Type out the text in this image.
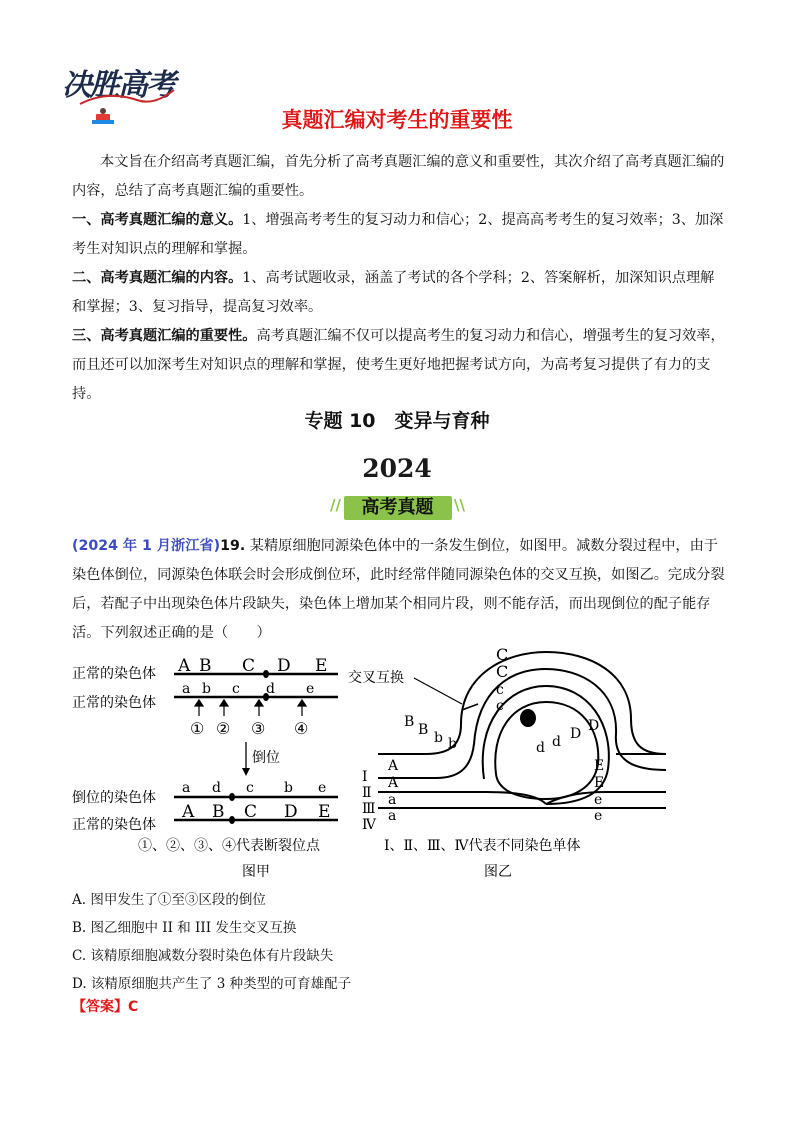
决胜高考
真题汇编对考生的重要性

本文旨在介绍高考真题汇编，首先分析了高考真题汇编的意义和重要性，其次介绍了高考真题汇编的内容，总结了高考真题汇编的重要性。

一、高考真题汇编的意义。1、增强高考考生的复习动力和信心；2、提高高考考生的复习效率；3、加深考生对知识点的理解和掌握。

二、高考真题汇编的内容。1、高考试题收录，涵盖了考试的各个学科；2、答案解析，加深知识点理解和掌握；3、复习指导，提高复习效率。

三、高考真题汇编的重要性。高考真题汇编不仅可以提高考生的复习动力和信心，增强考生的复习效率，而且还可以加深考生对知识点的理解和掌握，使考生更好地把握考试方向，为高考复习提供了有力的支持。

专题 10　变异与育种
2024
//	高考真题	\\

(2024 年 1 月浙江省)19. 某精原细胞同源染色体中的一条发生倒位，如图甲。减数分裂过程中，由于染色体倒位，同源染色体联会时会形成倒位环，此时经常伴随同源染色体的交叉互换，如图乙。完成分裂后，若配子中出现染色体片段缺失，染色体上增加某个相同片段，则不能存活，而出现倒位的配子能存活。下列叙述正确的是（　　）

正常的染色体
正常的染色体
A B C D E
a b c d e
① ② ③ ④
倒位
倒位的染色体
正常的染色体
a d c b e
A B C D E
①、②、③、④代表断裂位点
图甲
交叉互换
Ⅰ
Ⅱ
Ⅲ
Ⅳ
A
A
a
a
E
E
e
e
C
C
c
c
B B b b
D
D
d
d
Ⅰ、Ⅱ、Ⅲ、Ⅳ代表不同染色单体
图乙
A. 图甲发生了①至③区段的倒位
B. 图乙细胞中 II 和 III 发生交叉互换
C. 该精原细胞减数分裂时染色体有片段缺失
D. 该精原细胞共产生了 3 种类型的可育雄配子
【答案】C
